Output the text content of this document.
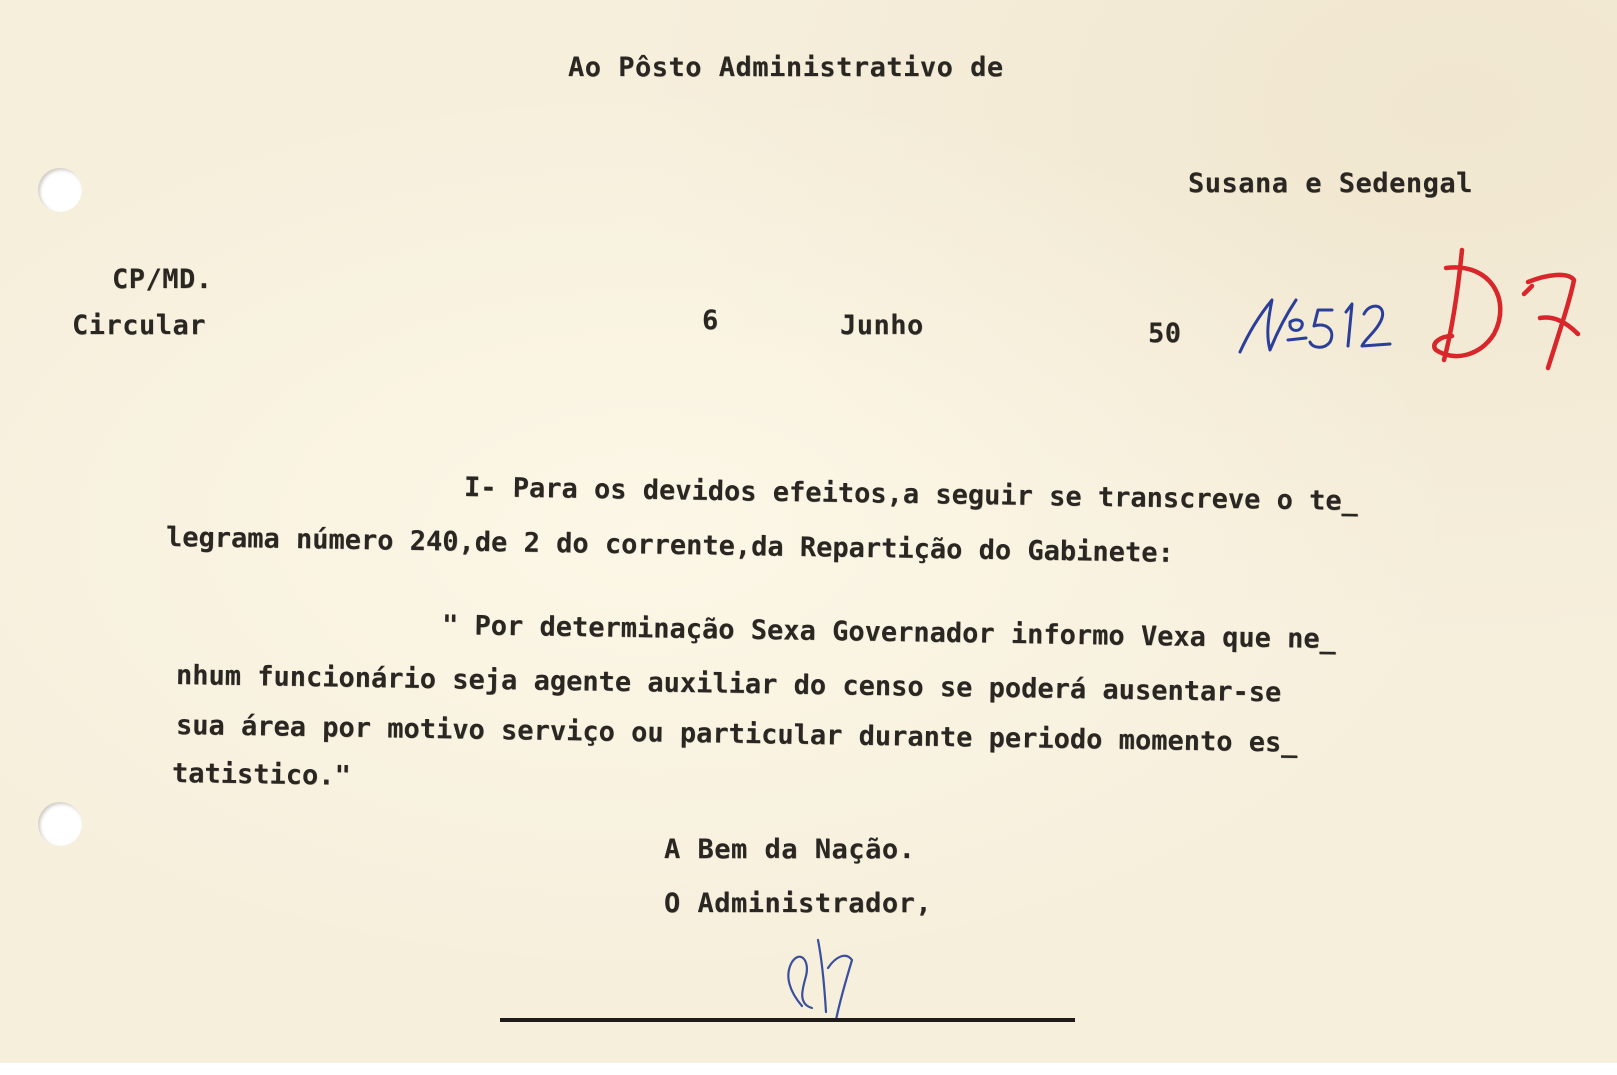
Ao Pôsto Administrativo de
Susana e Sedengal
CP/MD.
Circular	6	Junho	50
I- Para os devidos efeitos,a seguir se transcreve o te_
legrama número 240,de 2 do corrente,da Repartição do Gabinete:
" Por determinação Sexa Governador informo Vexa que ne_
nhum funcionário seja agente auxiliar do censo se poderá ausentar-se
sua área por motivo serviço ou particular durante periodo momento es_
tatistico."
A Bem da Nação.
O Administrador,
